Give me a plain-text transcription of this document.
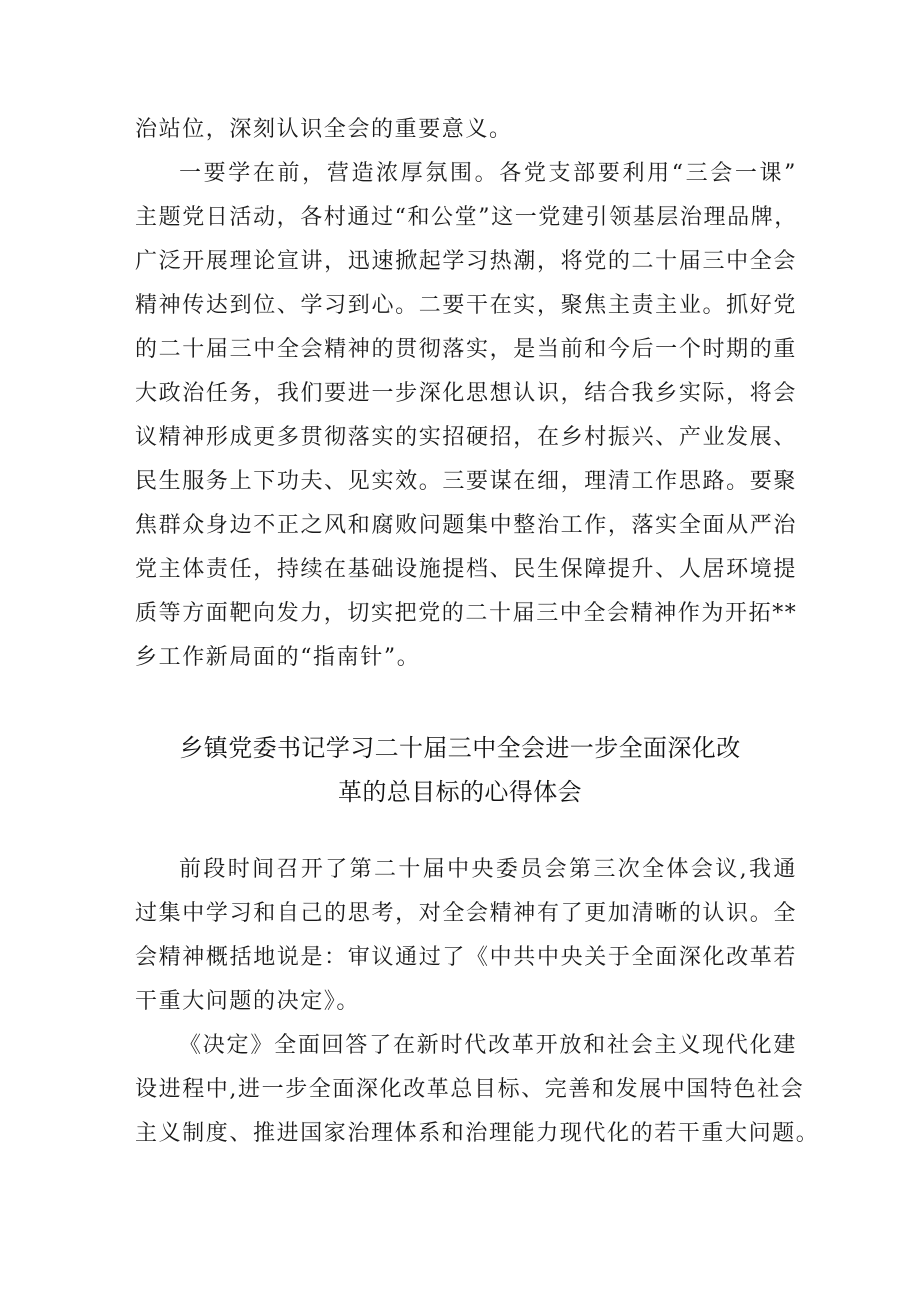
治站位，深刻认识全会的重要意义。
一要学在前，营造浓厚氛围。各党支部要利用“三会一课”
主题党日活动，各村通过“和公堂”这一党建引领基层治理品牌，
广泛开展理论宣讲，迅速掀起学习热潮，将党的二十届三中全会
精神传达到位、学习到心。二要干在实，聚焦主责主业。抓好党
的二十届三中全会精神的贯彻落实，是当前和今后一个时期的重
大政治任务，我们要进一步深化思想认识，结合我乡实际，将会
议精神形成更多贯彻落实的实招硬招，在乡村振兴、产业发展、
民生服务上下功夫、见实效。三要谋在细，理清工作思路。要聚
焦群众身边不正之风和腐败问题集中整治工作，落实全面从严治
党主体责任，持续在基础设施提档、民生保障提升、人居环境提
质等方面靶向发力，切实把党的二十届三中全会精神作为开拓**
乡工作新局面的“指南针”。
乡镇党委书记学习二十届三中全会进一步全面深化改
革的总目标的心得体会
前段时间召开了第二十届中央委员会第三次全体会议,我通
过集中学习和自己的思考，对全会精神有了更加清晰的认识。全
会精神概括地说是：审议通过了《中共中央关于全面深化改革若
干重大问题的决定》。
《决定》全面回答了在新时代改革开放和社会主义现代化建
设进程中,进一步全面深化改革总目标、完善和发展中国特色社会
主义制度、推进国家治理体系和治理能力现代化的若干重大问题。
